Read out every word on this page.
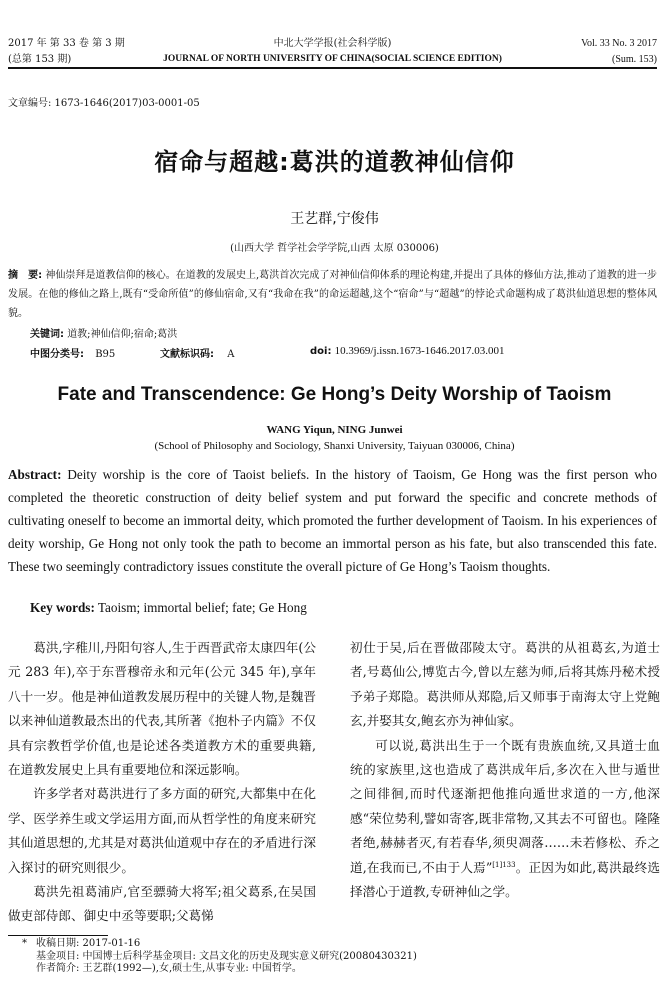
2017 年 第 33 卷 第 3 期	中北大学学报(社会科学版)	Vol. 33 No. 3 2017
(总第 153 期)	JOURNAL OF NORTH UNIVERSITY OF CHINA(SOCIAL SCIENCE EDITION)	(Sum. 153)
文章编号: 1673-1646(2017)03-0001-05
宿命与超越:葛洪的道教神仙信仰
王艺群,宁俊伟
(山西大学 哲学社会学学院,山西 太原 030006)
摘　要: 神仙崇拜是道教信仰的核心。在道教的发展史上,葛洪首次完成了对神仙信仰体系的理论构建,并提出了具体的修仙方法,推动了道教的进一步发展。在他的修仙之路上,既有“受命所值”的修仙宿命,又有“我命在我”的命运超越,这个“宿命”与“超越”的悖论式命题构成了葛洪仙道思想的整体风貌。
关键词: 道教;神仙信仰;宿命;葛洪
中图分类号: B95	文献标识码: A	doi: 10.3969/j.issn.1673-1646.2017.03.001
Fate and Transcendence: Ge Hong’s Deity Worship of Taoism
WANG Yiqun, NING Junwei
(School of Philosophy and Sociology, Shanxi University, Taiyuan 030006, China)
Abstract: Deity worship is the core of Taoist beliefs. In the history of Taoism, Ge Hong was the first person who completed the theoretic construction of deity belief system and put forward the specific and concrete methods of cultivating oneself to become an immortal deity, which promoted the further development of Taoism. In his experiences of deity worship, Ge Hong not only took the path to become an immortal person as his fate, but also transcended this fate. These two seemingly contradictory issues constitute the overall picture of Ge Hong’s Taoism thoughts.
Key words: Taoism; immortal belief; fate; Ge Hong

葛洪,字稚川,丹阳句容人,生于西晋武帝太康四年(公元 283 年),卒于东晋穆帝永和元年(公元 345 年),享年八十一岁。他是神仙道教发展历程中的关键人物,是魏晋以来神仙道教最杰出的代表,其所著《抱朴子内篇》不仅具有宗教哲学价值,也是论述各类道教方术的重要典籍,在道教发展史上具有重要地位和深远影响。

许多学者对葛洪进行了多方面的研究,大都集中在化学、医学养生或文学运用方面,而从哲学性的角度来研究其仙道思想的,尤其是对葛洪仙道观中存在的矛盾进行深入探讨的研究则很少。

葛洪先祖葛浦庐,官至骠骑大将军;祖父葛系,在吴国做吏部侍郎、御史中丞等要职;父葛悌

初仕于吴,后在晋做邵陵太守。葛洪的从祖葛玄,为道士者,号葛仙公,博览古今,曾以左慈为师,后将其炼丹秘术授予弟子郑隐。葛洪师从郑隐,后又师事于南海太守上党鲍玄,并娶其女,鲍玄亦为神仙家。

可以说,葛洪出生于一个既有贵族血统,又具道士血统的家族里,这也造成了葛洪成年后,多次在入世与遁世之间徘徊,而时代逐渐把他推向遁世求道的一方,他深感“荣位势利,譬如寄客,既非常物,又其去不可留也。隆隆者绝,赫赫者灭,有若春华,须臾凋落……未若修松、乔之道,在我而已,不由于人焉”$^{[1]133}$。正因为如此,葛洪最终选择潜心于道教,专研神仙之学。

* 收稿日期: 2017-01-16
基金项目: 中国博士后科学基金项目: 文昌文化的历史及现实意义研究(20080430321)
作者简介: 王艺群(1992—),女,硕士生,从事专业: 中国哲学。
